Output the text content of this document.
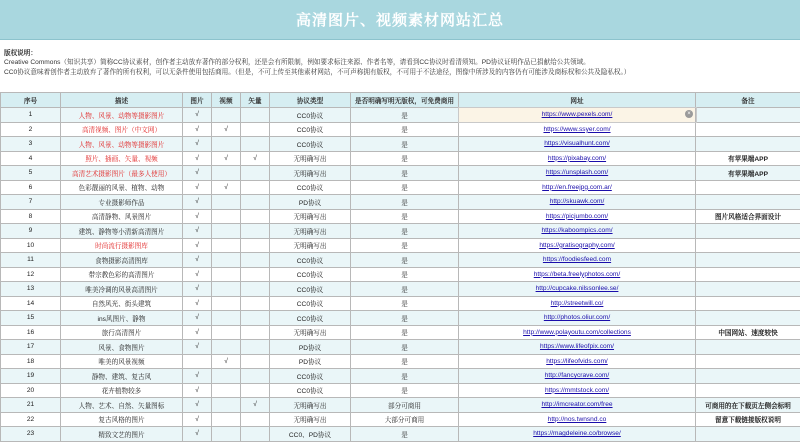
高清图片、视频素材网站汇总
版权说明：
Creative Commons（知识共享）简称CC协议素材，创作者主动放弃著作的部分权利，还是会有所限制，例如要求标注来源、作者名等，请看到CC协议时看清须知。PD协议证明作品已捐献给公共领域。
CC0协议意味着创作者主动放弃了著作的所有权利，可以无条件使用包括商用。（但是，不可上传至其他素材网站，不可声称拥有版权，不可用于不法途径，图像中所涉及的内容仍有可能涉及商标权和公共及隐私权。）
序号	描述	图片	视频	矢量	协议类型	是否明确写明无版权，可免费商用	网址	备注
1	人物、风景、动物等摄影图片	√			CC0协议	是	https://www.pexels.com/ ×	

2	高清视频、图片（中文网）	√	√		CC0协议	是	https://www.ssyer.com/	
3	人物、风景、动物等摄影图片	√			CC0协议	是	https://visualhunt.com/	
4	照片、插画、矢量、视频	√	√	√	无明确写出	是	https://pixabay.com/	有苹果端APP
5	高清艺术摄影图片（最多人使用）	√			无明确写出	是	https://unsplash.com/	有苹果端APP
6	色彩靓丽的风景、植物、动物	√	√		CC0协议	是	http://en.freejpg.com.ar/	
7	专业摄影师作品	√			PD协议	是	http://skuawk.com/	
8	高清静物、风景图片	√			无明确写出	是	https://picjumbo.com/	图片风格适合界面设计
9	建筑、静物等小清新高清图片	√			无明确写出	是	https://kaboompics.com/	
10	时尚流行摄影图库	√			无明确写出	是	https://gratisography.com/	
11	食物摄影高清图库	√			CC0协议	是	https://foodiesfeed.com	
12	带宗教色彩的高清图片	√			CC0协议	是	https://beta.freelyphotos.com/	
13	唯美冷调的风景高清图片	√			CC0协议	是	http://cupcake.nilssonlee.se/	
14	自然风光、街头建筑	√			CC0协议	是	http://streetwill.co/	
15	ins风图片、静物	√			CC0协议	是	http://photos.oliur.com/	
16	旅行高清图片	√			无明确写出	是	http://www.polayoutu.com/collections	中国网站、速度较快
17	风景、食物图片	√			PD协议	是	https://www.lifeofpix.com/	
18	唯美的风景视频		√		PD协议	是	https://lifeofvids.com/	
19	静物、建筑、复古风	√			CC0协议	是	http://fancycrave.com/	
20	花卉植物较多	√			CC0协议	是	https://mmtstock.com/	
21	人物、艺术、自然、矢量图标	√		√	无明确写出	部分可商用	http://imcreator.com/free	可商用的在下载页左侧会标明
22	复古风格的图片	√			无明确写出	大部分可商用	http://nos.twnsnd.co	留意下载链接版权说明
23	精致文艺的图片	√			CC0、PD协议	是	https://magdeleine.co/browse/	
